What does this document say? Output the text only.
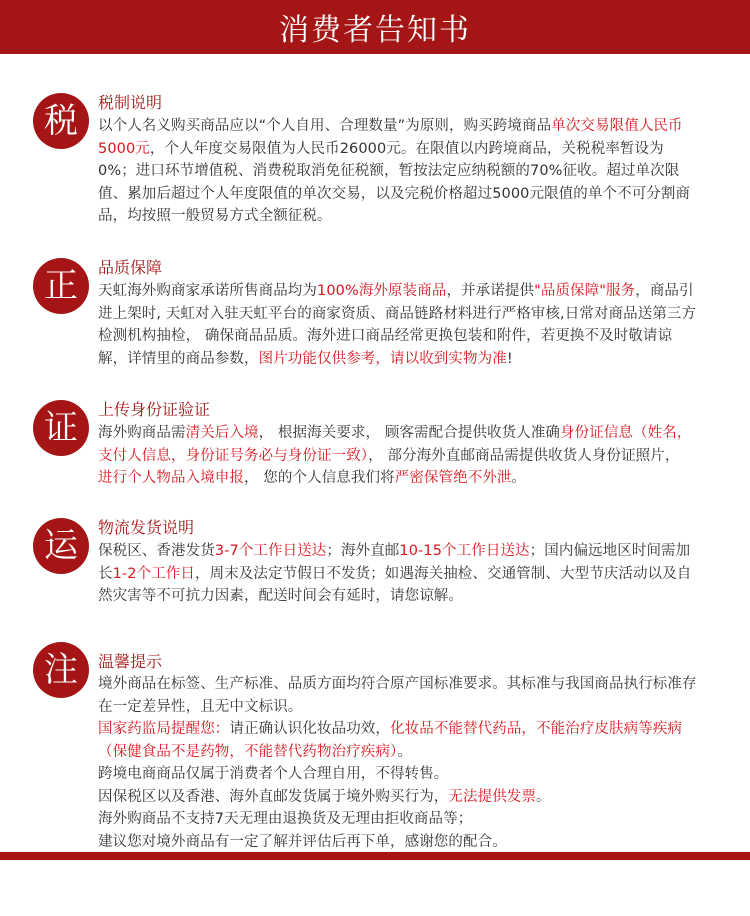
消费者告知书
税	税制说明

以个人名义购买商品应以“个人自用、合理数量”为原则，购买跨境商品单次交易限值人民币5000元，个人年度交易限值为人民币26000元。在限值以内跨境商品，关税税率暂设为0%；进口环节增值税、消费税取消免征税额，暂按法定应纳税额的70%征收。超过单次限值、累加后超过个人年度限值的单次交易，以及完税价格超过5000元限值的单个不可分割商品，均按照一般贸易方式全额征税。

正	品质保障

天虹海外购商家承诺所售商品均为100%海外原装商品，并承诺提供"品质保障"服务，商品引进上架时, 天虹对入驻天虹平台的商家资质、商品链路材料进行严格审核,日常对商品送第三方检测机构抽检， 确保商品品质。海外进口商品经常更换包装和附件，若更换不及时敬请谅解，详情里的商品参数，图片功能仅供参考，请以收到实物为准!

证	上传身份证验证

海外购商品需清关后入境， 根据海关要求， 顾客需配合提供收货人准确身份证信息（姓名，支付人信息，身份证号务必与身份证一致）， 部分海外直邮商品需提供收货人身份证照片， 进行个人物品入境申报， 您的个人信息我们将严密保管绝不外泄。

运	物流发货说明

保税区、香港发货3-7个工作日送达；海外直邮10-15个工作日送达；国内偏远地区时间需加长1-2个工作日，周末及法定节假日不发货；如遇海关抽检、交通管制、大型节庆活动以及自然灾害等不可抗力因素，配送时间会有延时，请您谅解。

注	温馨提示

境外商品在标签、生产标准、品质方面均符合原产国标准要求。其标准与我国商品执行标准存在一定差异性，且无中文标识。

国家药监局提醒您：请正确认识化妆品功效，化妆品不能替代药品，不能治疗皮肤病等疾病（保健食品不是药物，不能替代药物治疗疾病）。

跨境电商商品仅属于消费者个人合理自用，不得转售。

因保税区以及香港、海外直邮发货属于境外购买行为，无法提供发票。

海外购商品不支持7天无理由退换货及无理由拒收商品等；

建议您对境外商品有一定了解并评估后再下单，感谢您的配合。
